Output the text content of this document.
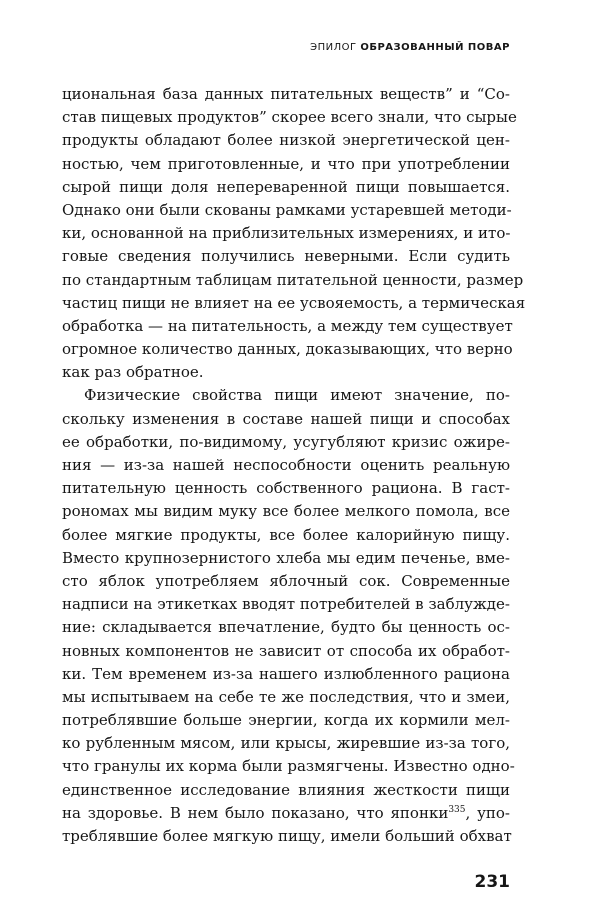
ЭПИЛОГ ОБРАЗОВАННЫЙ ПОВАР
циональная база данных питательных веществ” и “Со-
став пищевых продуктов” скорее всего знали, что сырые
продукты обладают более низкой энергетической цен-
ностью, чем приготовленные, и что при употреблении
сырой пищи доля непереваренной пищи повышается.
Однако они были скованы рамками устаревшей методи-
ки, основанной на приблизительных измерениях, и ито-
говые сведения получились неверными. Если судить
по стандартным таблицам питательной ценности, размер
частиц пищи не влияет на ее усвояемость, а термическая
обработка — на питательность, а между тем существует
огромное количество данных, доказывающих, что верно
как раз обратное.
Физические свойства пищи имеют значение, по-
скольку изменения в составе нашей пищи и способах
ее обработки, по-видимому, усугубляют кризис ожире-
ния — из-за нашей неспособности оценить реальную
питательную ценность собственного рациона. В гаст-
рономах мы видим муку все более мелкого помола, все
более мягкие продукты, все более калорийную пищу.
Вместо крупнозернистого хлеба мы едим печенье, вме-
сто яблок употребляем яблочный сок. Современные
надписи на этикетках вводят потребителей в заблужде-
ние: складывается впечатление, будто бы ценность ос-
новных компонентов не зависит от способа их обработ-
ки. Тем временем из-за нашего излюбленного рациона
мы испытываем на себе те же последствия, что и змеи,
потреблявшие больше энергии, когда их кормили мел-
ко рубленным мясом, или крысы, жиревшие из-за того,
что гранулы их корма были размягчены. Известно одно-
единственное исследование влияния жесткости пищи
на здоровье. В нем было показано, что японки$^{335}$, упо-
треблявшие более мягкую пищу, имели больший обхват
231
